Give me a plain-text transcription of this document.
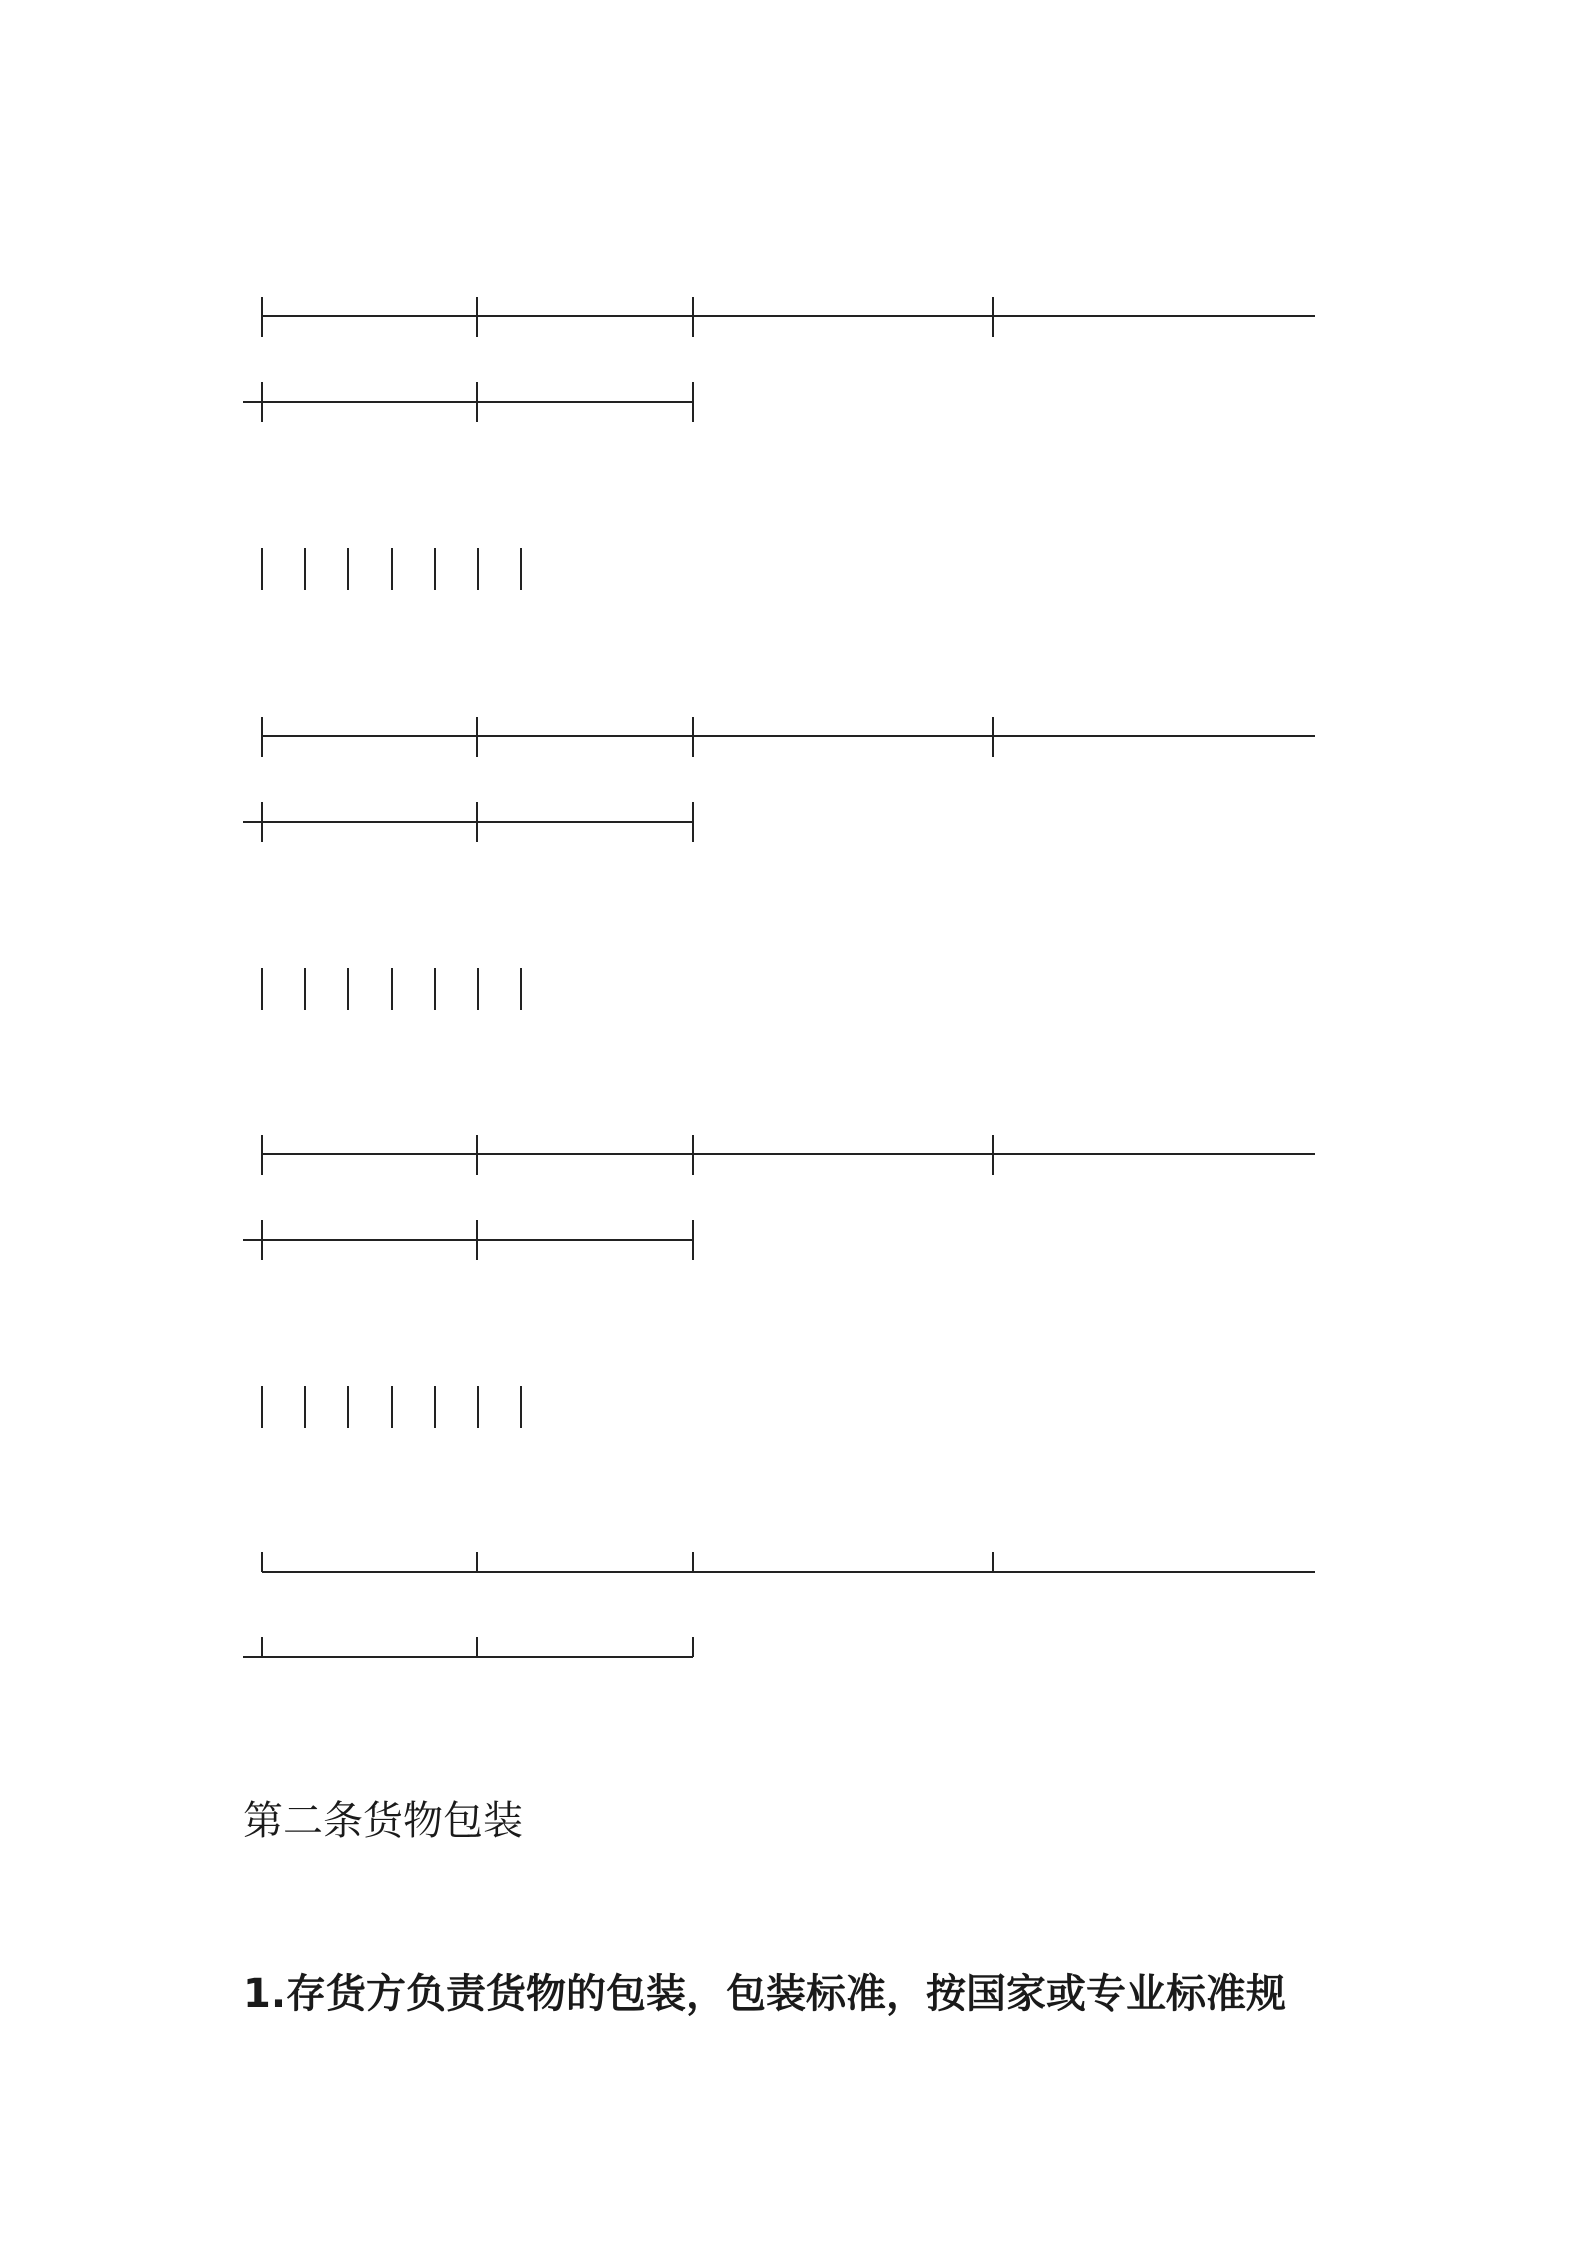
第二条货物包装
1.存货方负责货物的包装，包装标准，按国家或专业标准规
